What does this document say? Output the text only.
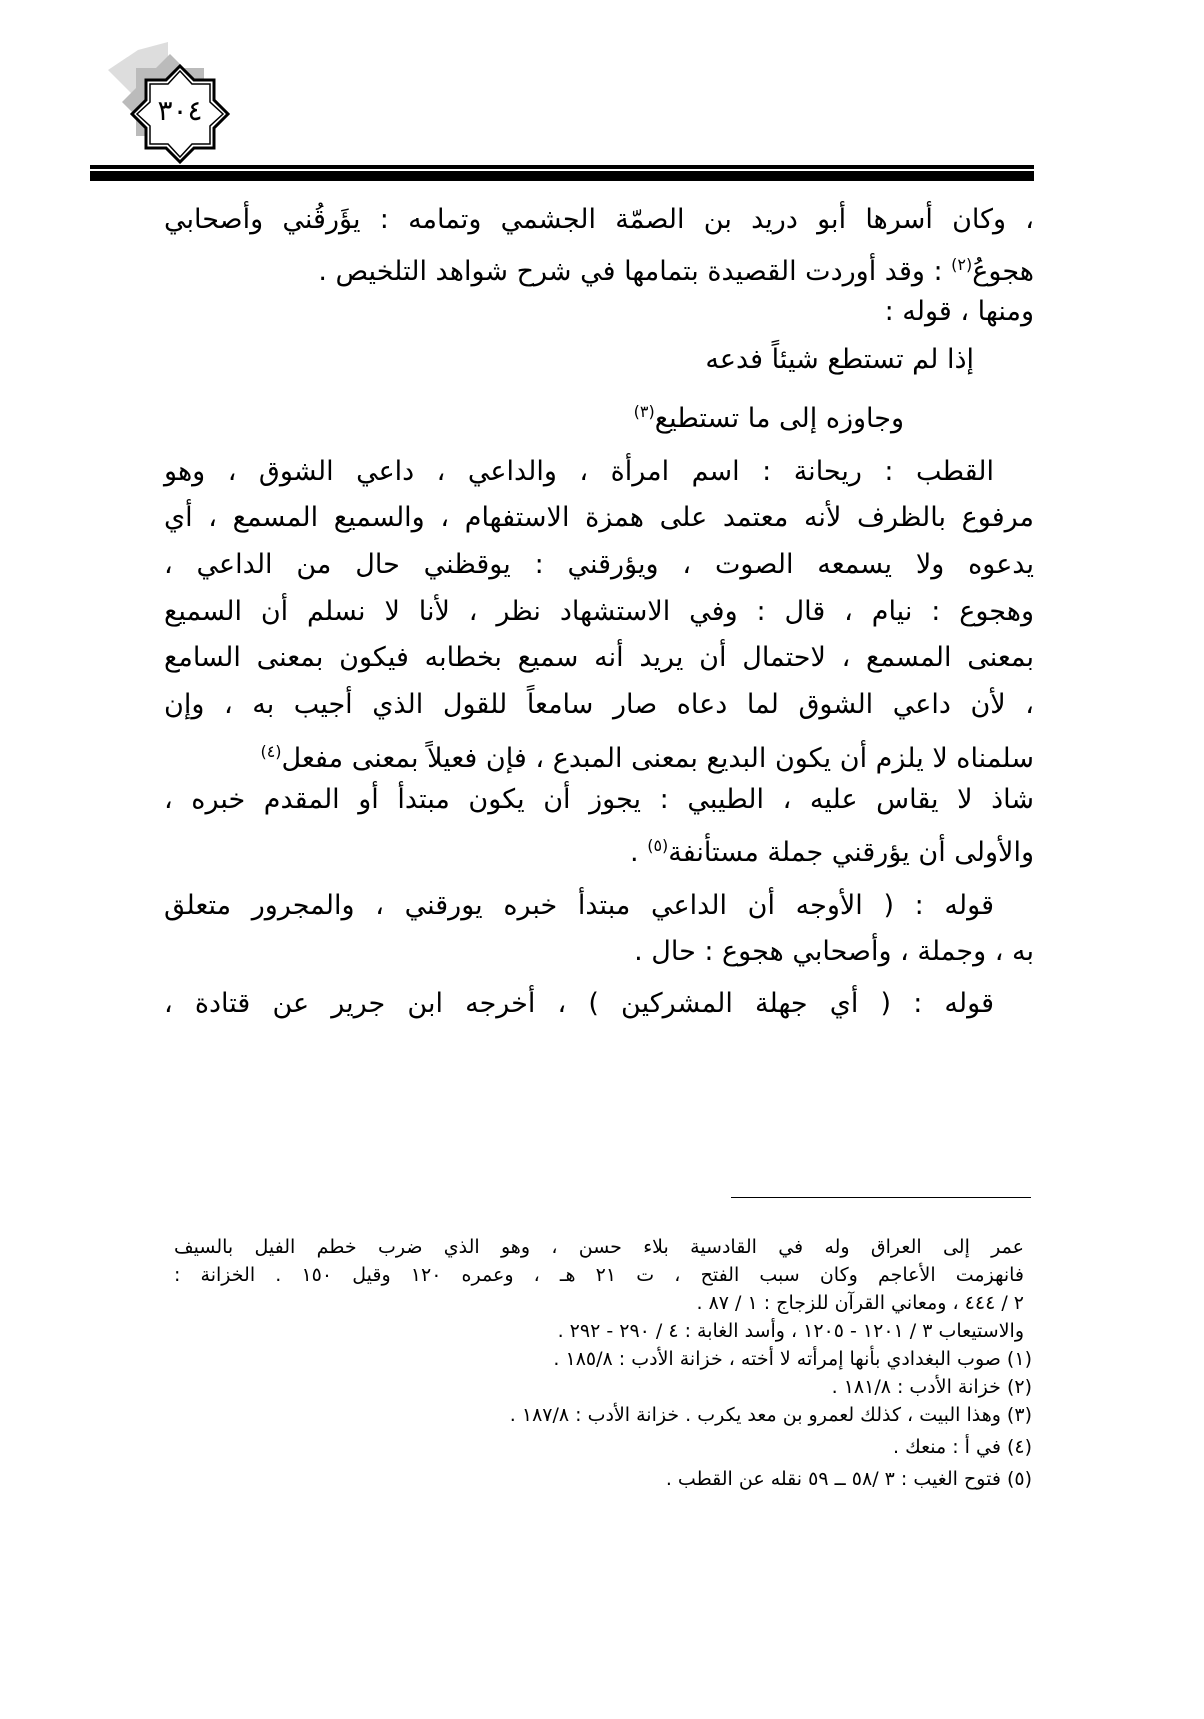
٣٠٤
، وكان أسرها أبو دريد بن الصمّة الجشمي وتمامه : يؤَرقُني وأصحابي
هجوعُ$^{(٢)}$ : وقد أوردت القصيدة بتمامها في شرح شواهد التلخيص .
ومنها ، قوله :
إذا لم تستطع شيئاً فدعه
وجاوزه إلى ما تستطيع$^{(٣)}$
القطب : ريحانة : اسم امرأة ، والداعي ، داعي الشوق ، وهو
مرفوع بالظرف لأنه معتمد على همزة الاستفهام ، والسميع المسمع ، أي
يدعوه ولا يسمعه الصوت ، ويؤرقني : يوقظني حال من الداعي ،
وهجوع : نيام ، قال : وفي الاستشهاد نظر ، لأنا لا نسلم أن السميع
بمعنى المسمع ، لاحتمال أن يريد أنه سميع بخطابه فيكون بمعنى السامع
، لأن داعي الشوق لما دعاه صار سامعاً للقول الذي أجيب به ، وإن
سلمناه لا يلزم أن يكون البديع بمعنى المبدع ، فإن فعيلاً بمعنى مفعل$^{(٤)}$
شاذ لا يقاس عليه ، الطيبي : يجوز أن يكون مبتدأ أو المقدم خبره ،
والأولى أن يؤرقني جملة مستأنفة$^{(٥)}$ .
قوله : ( الأوجه أن الداعي مبتدأ خبره يورقني ، والمجرور متعلق
به ، وجملة ، وأصحابي هجوع : حال .
قوله : ( أي جهلة المشركين ) ، أخرجه ابن جرير عن قتادة ،
عمر إلى العراق وله في القادسية بلاء حسن ، وهو الذي ضرب خطم الفيل بالسيف
فانهزمت الأعاجم وكان سبب الفتح ، ت ٢١ هـ ، وعمره ١٢٠ وقيل ١٥٠ . الخزانة :
٢ / ٤٤٤ ، ومعاني القرآن للزجاج : ١ / ٨٧ .
والاستيعاب ٣ / ١٢٠١ - ١٢٠٥ ، وأسد الغابة : ٤ / ٢٩٠ - ٢٩٢ .
(١) صوب البغدادي بأنها إمرأته لا أخته ، خزانة الأدب : ١٨٥/٨ .
(٢) خزانة الأدب : ١٨١/٨ .
(٣) وهذا البيت ، كذلك لعمرو بن معد يكرب . خزانة الأدب : ١٨٧/٨ .
(٤) في أ : منعك .
(٥) فتوح الغيب : ٣ /٥٨ ــ ٥٩ نقله عن القطب .
